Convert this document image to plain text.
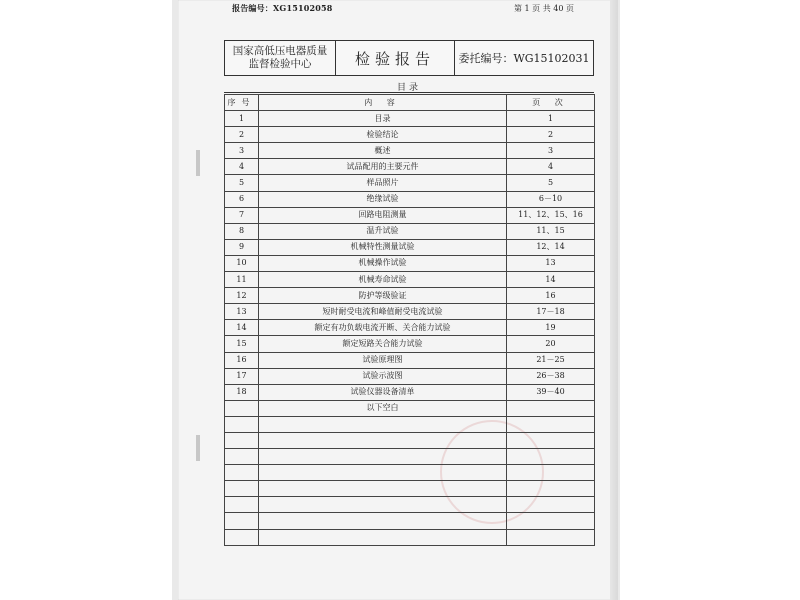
报告编号：XG15102058	第 1 页 共 40 页
国家高低压电器质量
监督检验中心	检验报告	委托编号：WG15102031
目录
序号	内 容	页 次
1	目录	1
2	检验结论	2
3	概述	3
4	试品配用的主要元件	4
5	样品照片	5
6	绝缘试验	6－10
7	回路电阻测量	11、12、15、16
8	温升试验	11、15
9	机械特性测量试验	12、14
10	机械操作试验	13
11	机械寿命试验	14
12	防护等级验证	16
13	短时耐受电流和峰值耐受电流试验	17－18
14	额定有功负载电流开断、关合能力试验	19
15	额定短路关合能力试验	20
16	试验原理图	21－25
17	试验示波图	26－38
18	试验仪器设备清单	39－40
	以下空白	
